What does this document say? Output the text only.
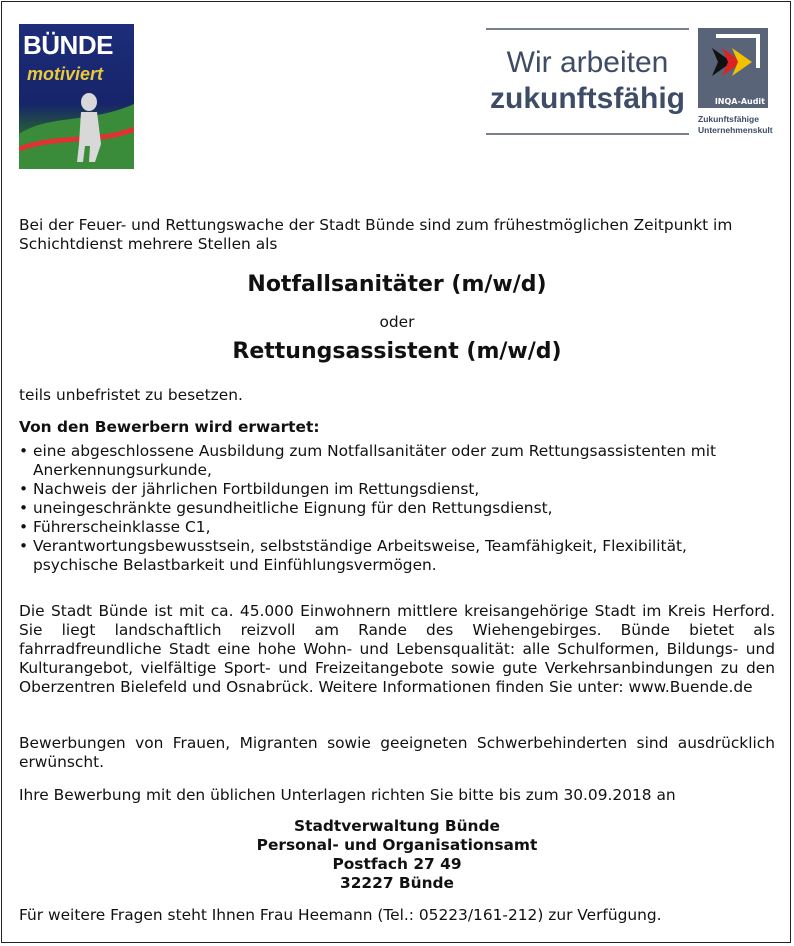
BÜNDE
motiviert	Wir arbeiten
zukunftsfähig	INQA-Audit
Zukunftsfähige
Unternehmenskult
Bei der Feuer- und Rettungswache der Stadt Bünde sind zum frühestmöglichen Zeitpunkt im Schichtdienst mehrere Stellen als
Notfallsanitäter (m/w/d)
oder
Rettungsassistent (m/w/d)
teils unbefristet zu besetzen.
Von den Bewerbern wird erwartet:
• eine abgeschlossene Ausbildung zum Notfallsanitäter oder zum Rettungsassistenten mit Anerkennungsurkunde,
• Nachweis der jährlichen Fortbildungen im Rettungsdienst,
• uneingeschränkte gesundheitliche Eignung für den Rettungsdienst,
• Führerscheinklasse C1,
• Verantwortungsbewusstsein, selbstständige Arbeitsweise, Teamfähigkeit, Flexibilität, psychische Belastbarkeit und Einfühlungsvermögen.
Die Stadt Bünde ist mit ca. 45.000 Einwohnern mittlere kreisangehörige Stadt im Kreis Herford. Sie liegt landschaftlich reizvoll am Rande des Wiehengebirges. Bünde bietet als fahrradfreundliche Stadt eine hohe Wohn- und Lebensqualität: alle Schulformen, Bildungs- und Kulturangebot, vielfältige Sport- und Freizeitangebote sowie gute Verkehrsanbindungen zu den Oberzentren Bielefeld und Osnabrück. Weitere Informationen finden Sie unter: www.Buende.de
Bewerbungen von Frauen, Migranten sowie geeigneten Schwerbehinderten sind ausdrücklich erwünscht.
Ihre Bewerbung mit den üblichen Unterlagen richten Sie bitte bis zum 30.09.2018 an
Stadtverwaltung Bünde
Personal- und Organisationsamt
Postfach 27 49
32227 Bünde
Für weitere Fragen steht Ihnen Frau Heemann (Tel.: 05223/161-212) zur Verfügung.
